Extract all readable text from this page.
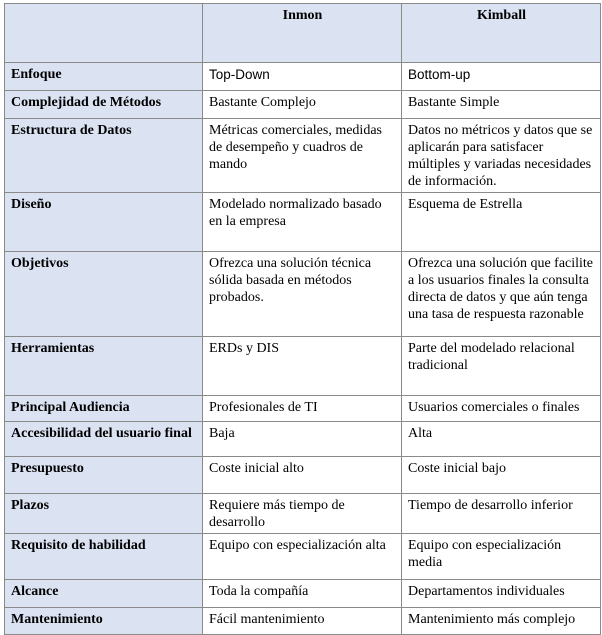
	Inmon	Kimball
Enfoque	Top-Down	Bottom-up
Complejidad de Métodos	Bastante Complejo	Bastante Simple
Estructura de Datos	Métricas comerciales, medidas de desempeño y cuadros de mando	Datos no métricos y datos que se aplicarán para satisfacer múltiples y variadas necesidades de información.
Diseño	Modelado normalizado basado en la empresa	Esquema de Estrella
Objetivos	Ofrezca una solución técnica sólida basada en métodos probados.	Ofrezca una solución que facilite a los usuarios finales la consulta directa de datos y que aún tenga una tasa de respuesta razonable
Herramientas	ERDs y DIS	Parte del modelado relacional tradicional
Principal Audiencia	Profesionales de TI	Usuarios comerciales o finales
Accesibilidad del usuario final	Baja	Alta
Presupuesto	Coste inicial alto	Coste inicial bajo
Plazos	Requiere más tiempo de desarrollo	Tiempo de desarrollo inferior
Requisito de habilidad	Equipo con especialización alta	Equipo con especialización media
Alcance	Toda la compañía	Departamentos individuales
Mantenimiento	Fácil mantenimiento	Mantenimiento más complejo
